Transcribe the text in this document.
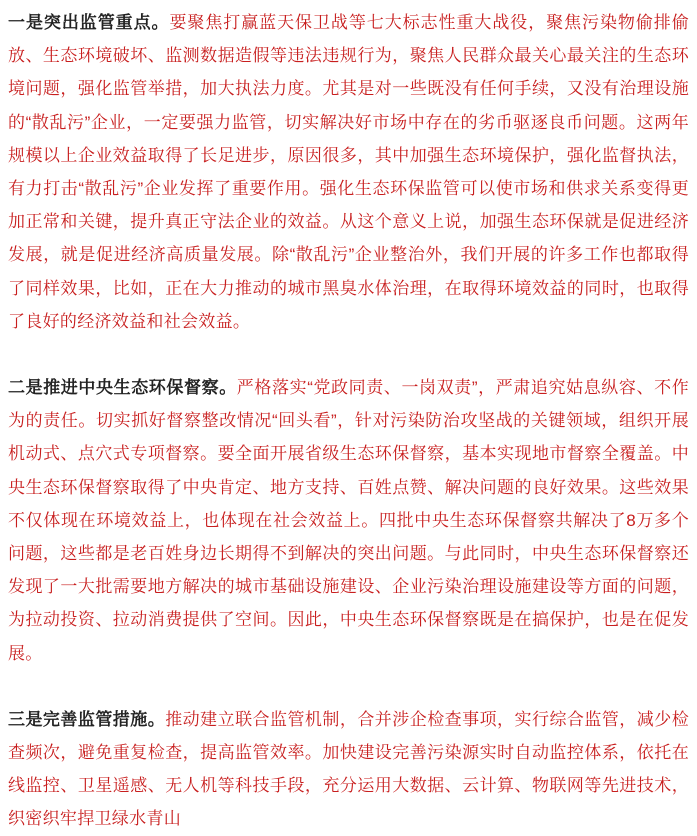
一是突出监管重点。要聚焦打赢蓝天保卫战等七大标志性重大战役，聚焦污染物偷排偷放、生态环境破坏、监测数据造假等违法违规行为，聚焦人民群众最关心最关注的生态环境问题，强化监管举措，加大执法力度。尤其是对一些既没有任何手续，又没有治理设施的“散乱污”企业，一定要强力监管，切实解决好市场中存在的劣币驱逐良币问题。这两年规模以上企业效益取得了长足进步，原因很多，其中加强生态环境保护，强化监督执法，有力打击“散乱污”企业发挥了重要作用。强化生态环保监管可以使市场和供求关系变得更加正常和关键，提升真正守法企业的效益。从这个意义上说，加强生态环保就是促进经济发展，就是促进经济高质量发展。除“散乱污”企业整治外，我们开展的许多工作也都取得了同样效果，比如，正在大力推动的城市黑臭水体治理，在取得环境效益的同时，也取得了良好的经济效益和社会效益。

二是推进中央生态环保督察。严格落实“党政同责、一岗双责”，严肃追究姑息纵容、不作为的责任。切实抓好督察整改情况“回头看”，针对污染防治攻坚战的关键领域，组织开展机动式、点穴式专项督察。要全面开展省级生态环保督察，基本实现地市督察全覆盖。中央生态环保督察取得了中央肯定、地方支持、百姓点赞、解决问题的良好效果。这些效果不仅体现在环境效益上，也体现在社会效益上。四批中央生态环保督察共解决了8万多个问题，这些都是老百姓身边长期得不到解决的突出问题。与此同时，中央生态环保督察还发现了一大批需要地方解决的城市基础设施建设、企业污染治理设施建设等方面的问题，为拉动投资、拉动消费提供了空间。因此，中央生态环保督察既是在搞保护，也是在促发展。

三是完善监管措施。推动建立联合监管机制，合并涉企检查事项，实行综合监管，减少检查频次，避免重复检查，提高监管效率。加快建设完善污染源实时自动监控体系，依托在线监控、卫星遥感、无人机等科技手段，充分运用大数据、云计算、物联网等先进技术，织密织牢捍卫绿水青山
